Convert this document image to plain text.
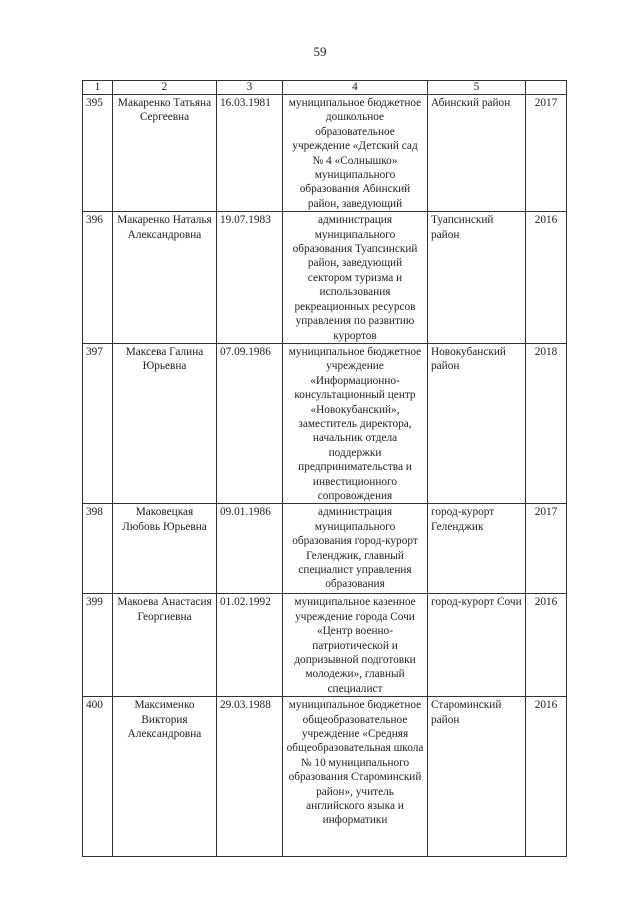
59
1	2	3	4	5	
395	Макаренко Татьяна Сергеевна	16.03.1981	муниципальное бюджетное дошкольное образовательное учреждение «Детский сад № 4 «Солнышко» муниципального образования Абинский район, заведующий	Абинский район	2017
396	Макаренко Наталья Александровна	19.07.1983	администрация муниципального образования Туапсинский район, заведующий сектором туризма и использования рекреационных ресурсов управления по развитию курортов	Туапсинский район	2016
397	Максева Галина Юрьевна	07.09.1986	муниципальное бюджетное учреждение «Информационно-консультационный центр «Новокубанский», заместитель директора, начальник отдела поддержки предпринимательства и инвестиционного сопровождения	Новокубанский район	2018
398	Маковецкая Любовь Юрьевна	09.01.1986	администрация муниципального образования город-курорт Геленджик, главный специалист управления образования	город-курорт Геленджик	2017
399	Макоева Анастасия Георгиевна	01.02.1992	муниципальное казенное учреждение города Сочи «Центр военно-патриотической и допризывной подготовки молодежи», главный специалист	город-курорт Сочи	2016
400	Максименко Виктория Александровна	29.03.1988	муниципальное бюджетное общеобразовательное учреждение «Средняя общеобразовательная школа № 10 муниципального образования Староминский район», учитель английского языка и информатики	Староминский район	2016
